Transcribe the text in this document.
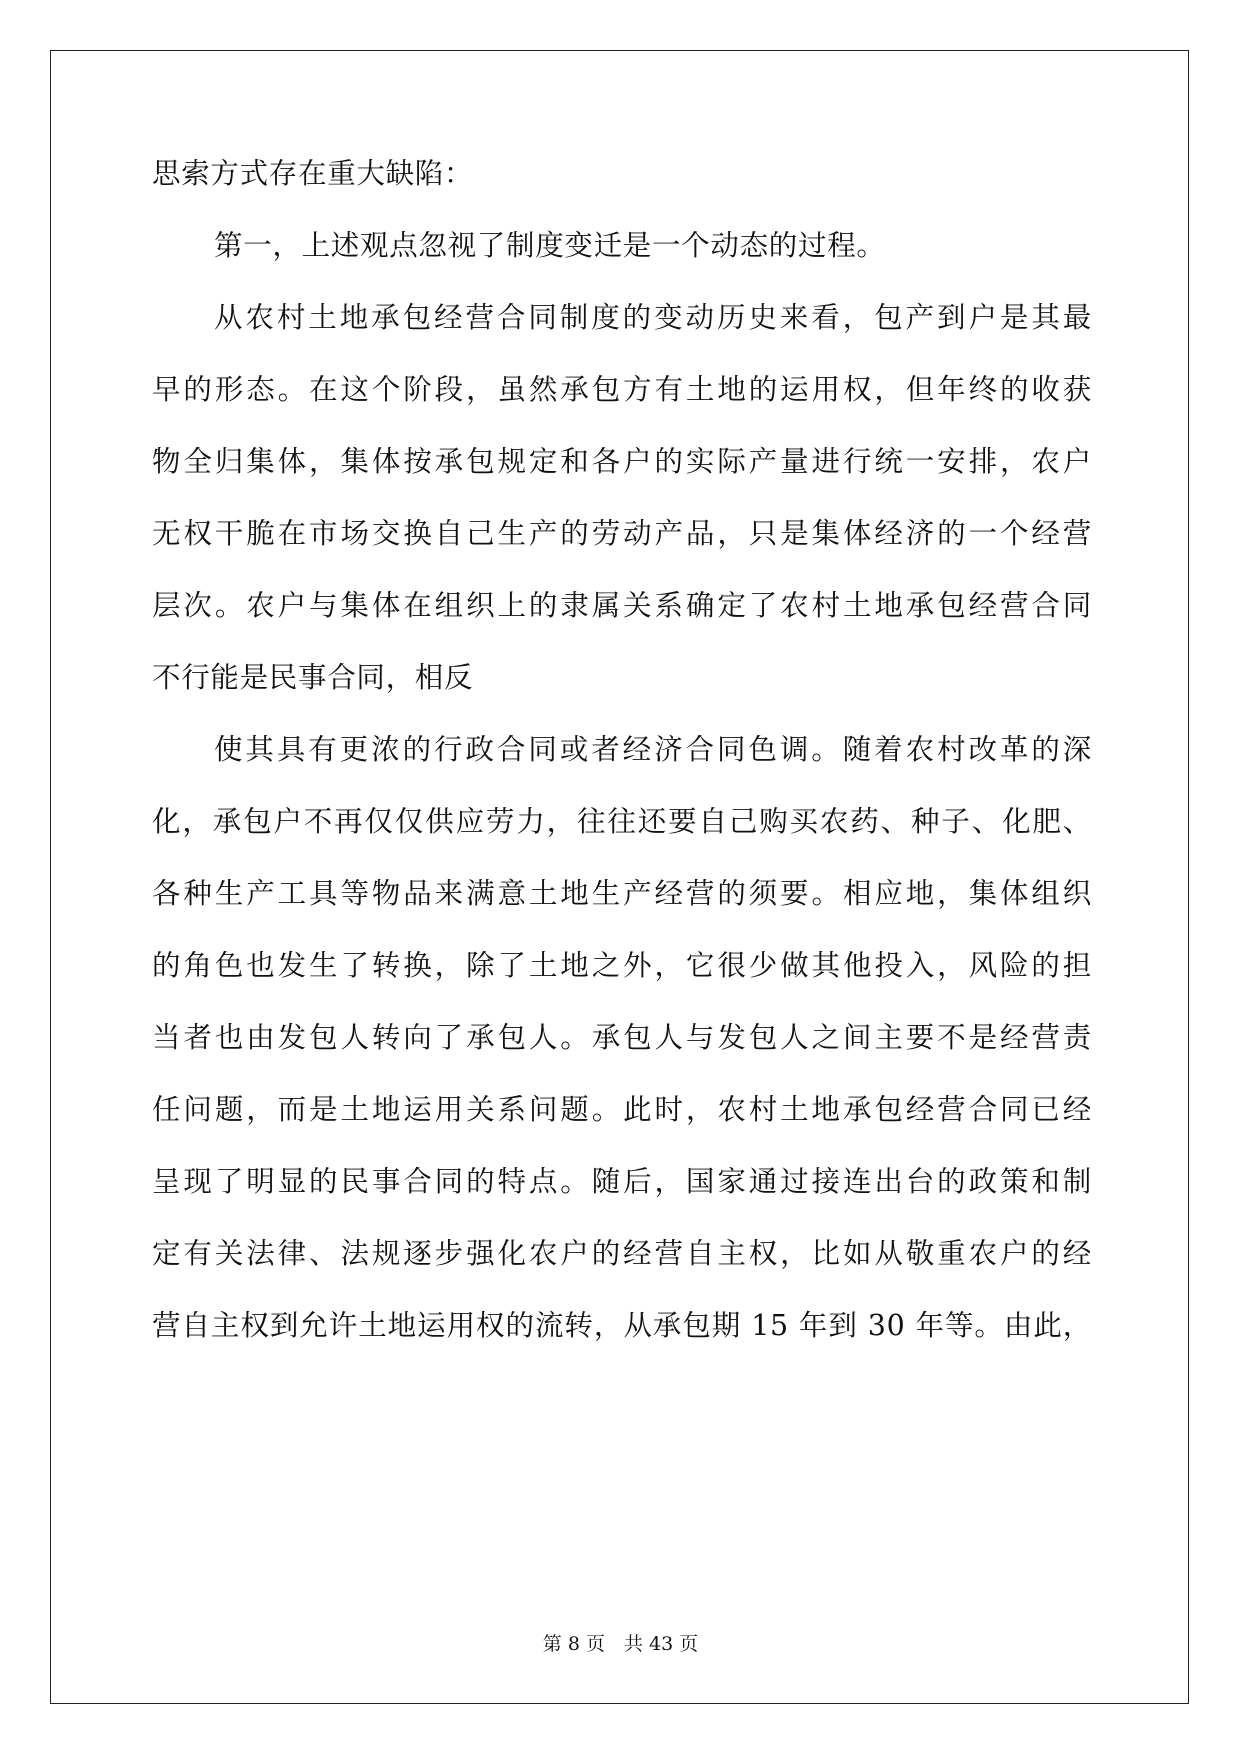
思索方式存在重大缺陷：
第一，上述观点忽视了制度变迁是一个动态的过程。
从农村土地承包经营合同制度的变动历史来看，包产到户是其最
早的形态。在这个阶段，虽然承包方有土地的运用权，但年终的收获
物全归集体，集体按承包规定和各户的实际产量进行统一安排，农户
无权干脆在市场交换自己生产的劳动产品，只是集体经济的一个经营
层次。农户与集体在组织上的隶属关系确定了农村土地承包经营合同
不行能是民事合同，相反
使其具有更浓的行政合同或者经济合同色调。随着农村改革的深
化，承包户不再仅仅供应劳力，往往还要自己购买农药、种子、化肥、
各种生产工具等物品来满意土地生产经营的须要。相应地，集体组织
的角色也发生了转换，除了土地之外，它很少做其他投入，风险的担
当者也由发包人转向了承包人。承包人与发包人之间主要不是经营责
任问题，而是土地运用关系问题。此时，农村土地承包经营合同已经
呈现了明显的民事合同的特点。随后，国家通过接连出台的政策和制
定有关法律、法规逐步强化农户的经营自主权，比如从敬重农户的经
营自主权到允许土地运用权的流转，从承包期 15 年到 30 年等。由此，
第 8 页　共 43 页
